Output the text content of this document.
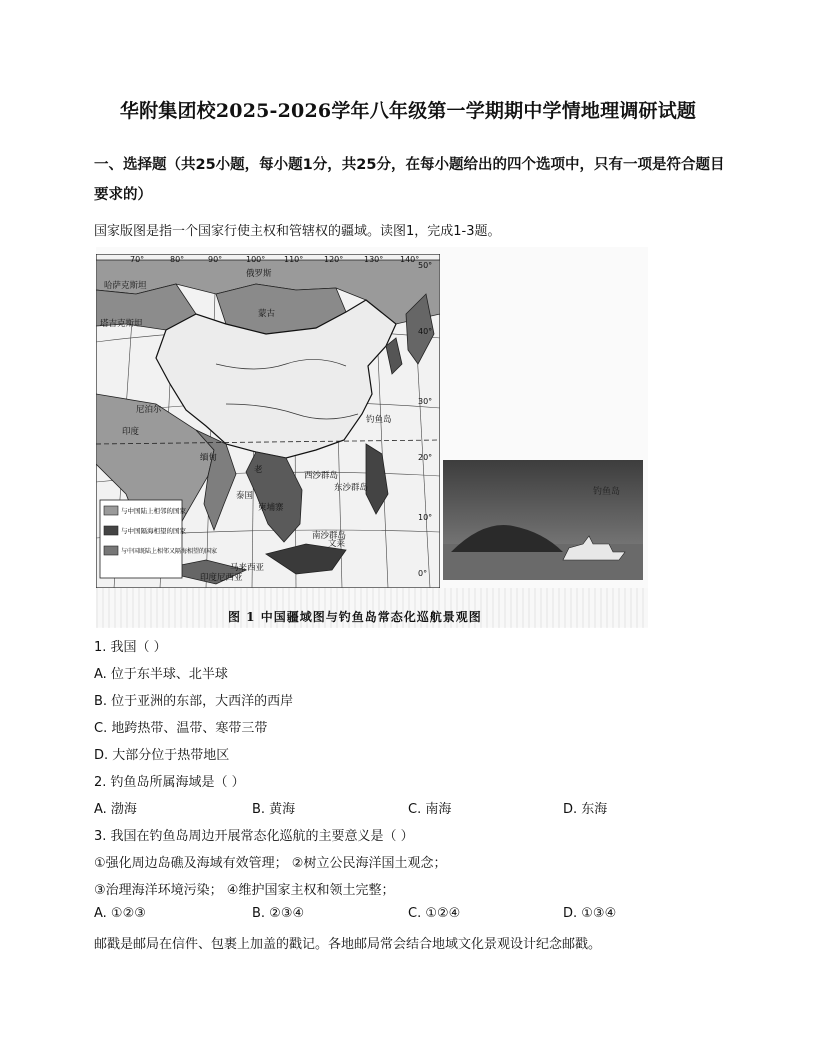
华附集团校2025-2026学年八年级第一学期期中学情地理调研试题
一、选择题（共25小题，每小题1分，共25分，在每小题给出的四个选项中，只有一项是符合题目要求的）
国家版图是指一个国家行使主权和管辖权的疆域。读图1，完成1-3题。
与中国陆上相邻的国家
与中国隔海相望的国家
与中国既陆上相邻又隔海相望的国家
70°	80°	90°	100° 110°	120°	130° 140°
50°
40°
30°
20°
10°
0°
俄罗斯
哈萨克斯坦
塔吉克斯坦
蒙古
尼泊尔
印度
缅甸
泰国
柬埔寨
老
西沙群岛
东沙群岛
钓鱼岛
文莱
马来西亚
印度尼西亚
南沙群岛
钓鱼岛
图 1 中国疆域图与钓鱼岛常态化巡航景观图
1. 我国（ ）
A. 位于东半球、北半球
B. 位于亚洲的东部，大西洋的西岸
C. 地跨热带、温带、寒带三带
D. 大部分位于热带地区
2. 钓鱼岛所属海域是（ ）
A. 渤海	B. 黄海	C. 南海	D. 东海
3. 我国在钓鱼岛周边开展常态化巡航的主要意义是（ ）
①强化周边岛礁及海域有效管理； ②树立公民海洋国土观念；
③治理海洋环境污染； ④维护国家主权和领土完整；
A. ①②③	B. ②③④	C. ①②④	D. ①③④
邮戳是邮局在信件、包裹上加盖的戳记。各地邮局常会结合地域文化景观设计纪念邮戳。
